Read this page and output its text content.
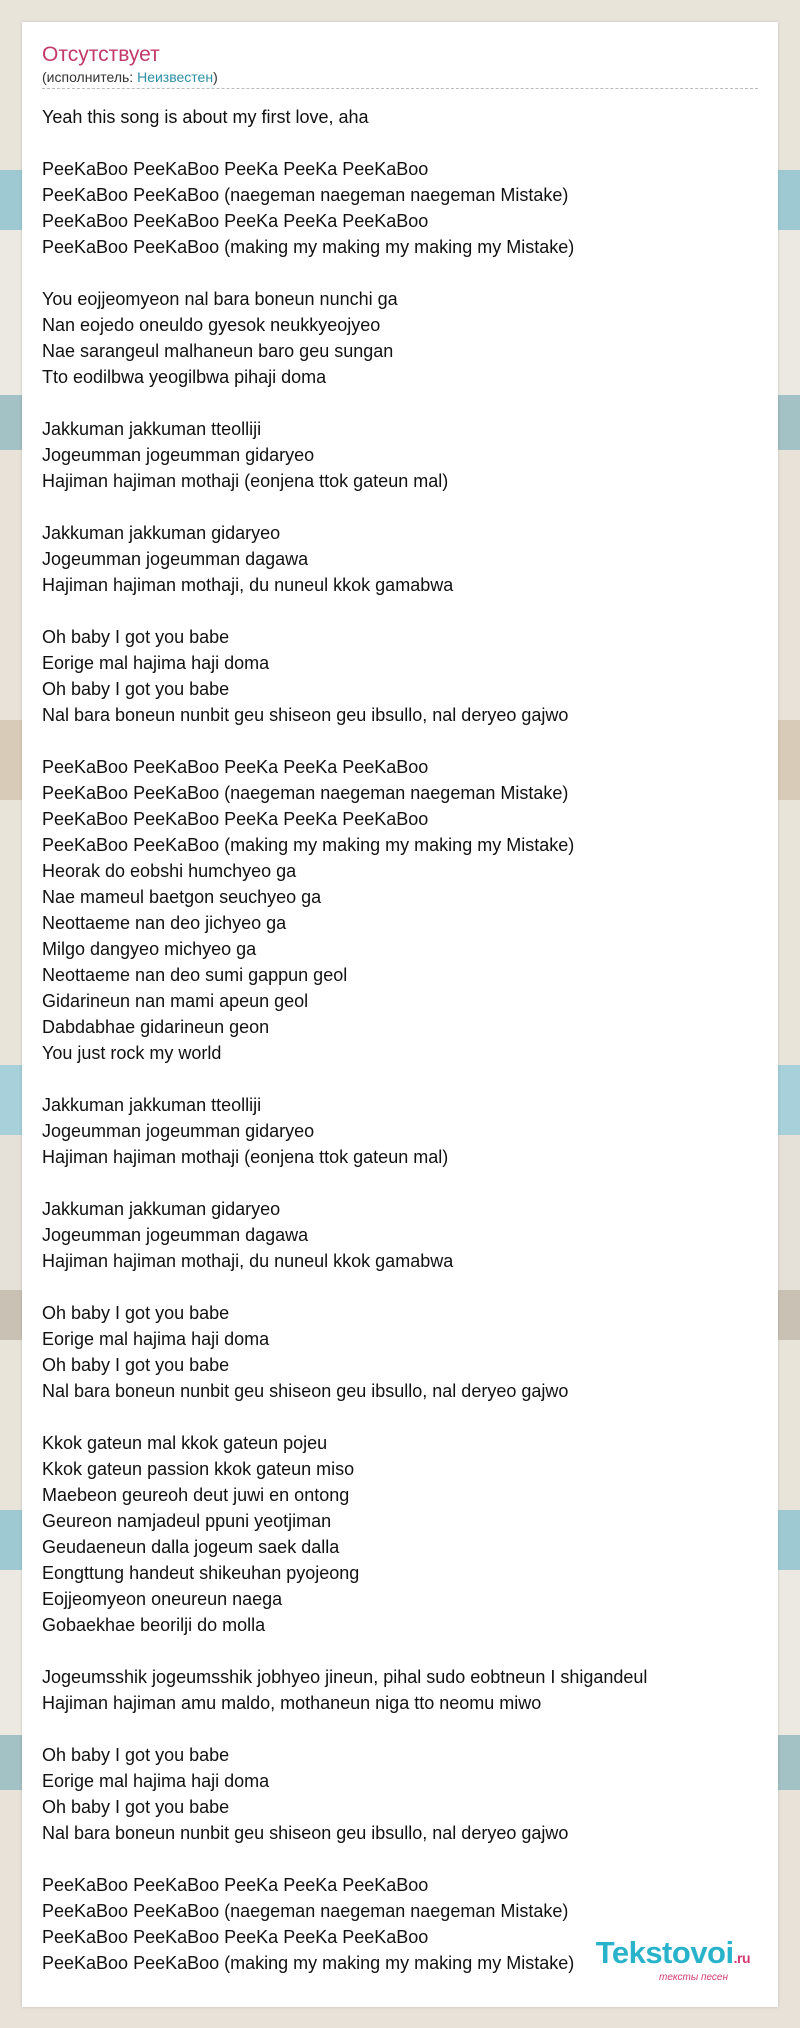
Отсутствует
(исполнитель: Неизвестен)
Yeah this song is about my first love, aha
PeeKaBoo PeeKaBoo PeeKa PeeKa PeeKaBoo
PeeKaBoo PeeKaBoo (naegeman naegeman naegeman Mistake)
PeeKaBoo PeeKaBoo PeeKa PeeKa PeeKaBoo
PeeKaBoo PeeKaBoo (making my making my making my Mistake)
You eojjeomyeon nal bara boneun nunchi ga
Nan eojedo oneuldo gyesok neukkyeojyeo
Nae sarangeul malhaneun baro geu sungan
Tto eodilbwa yeogilbwa pihaji doma
Jakkuman jakkuman tteolliji
Jogeumman jogeumman gidaryeo
Hajiman hajiman mothaji (eonjena ttok gateun mal)
Jakkuman jakkuman gidaryeo
Jogeumman jogeumman dagawa
Hajiman hajiman mothaji, du nuneul kkok gamabwa
Oh baby I got you babe
Eorige mal hajima haji doma
Oh baby I got you babe
Nal bara boneun nunbit geu shiseon geu ibsullo, nal deryeo gajwo
PeeKaBoo PeeKaBoo PeeKa PeeKa PeeKaBoo
PeeKaBoo PeeKaBoo (naegeman naegeman naegeman Mistake)
PeeKaBoo PeeKaBoo PeeKa PeeKa PeeKaBoo
PeeKaBoo PeeKaBoo (making my making my making my Mistake)
Heorak do eobshi humchyeo ga
Nae mameul baetgon seuchyeo ga
Neottaeme nan deo jichyeo ga
Milgo dangyeo michyeo ga
Neottaeme nan deo sumi gappun geol
Gidarineun nan mami apeun geol
Dabdabhae gidarineun geon
You just rock my world
Jakkuman jakkuman tteolliji
Jogeumman jogeumman gidaryeo
Hajiman hajiman mothaji (eonjena ttok gateun mal)
Jakkuman jakkuman gidaryeo
Jogeumman jogeumman dagawa
Hajiman hajiman mothaji, du nuneul kkok gamabwa
Oh baby I got you babe
Eorige mal hajima haji doma
Oh baby I got you babe
Nal bara boneun nunbit geu shiseon geu ibsullo, nal deryeo gajwo
Kkok gateun mal kkok gateun pojeu
Kkok gateun passion kkok gateun miso
Maebeon geureoh deut juwi en ontong
Geureon namjadeul ppuni yeotjiman
Geudaeneun dalla jogeum saek dalla
Eongttung handeut shikeuhan pyojeong
Eojjeomyeon oneureun naega
Gobaekhae beorilji do molla
Jogeumsshik jogeumsshik jobhyeo jineun, pihal sudo eobtneun I shigandeul
Hajiman hajiman amu maldo, mothaneun niga tto neomu miwo
Oh baby I got you babe
Eorige mal hajima haji doma
Oh baby I got you babe
Nal bara boneun nunbit geu shiseon geu ibsullo, nal deryeo gajwo
PeeKaBoo PeeKaBoo PeeKa PeeKa PeeKaBoo
PeeKaBoo PeeKaBoo (naegeman naegeman naegeman Mistake)
PeeKaBoo PeeKaBoo PeeKa PeeKa PeeKaBoo
PeeKaBoo PeeKaBoo (making my making my making my Mistake) Tekstovoi.ru
тексты песен
